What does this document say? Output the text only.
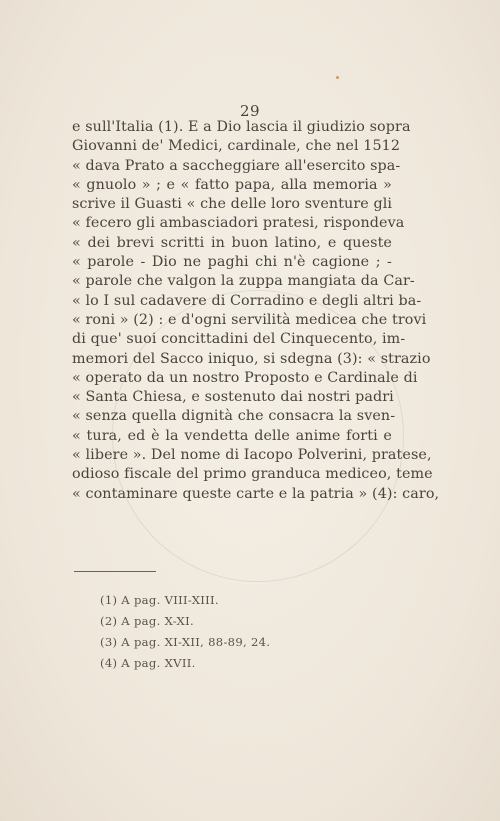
29
e sull'Italia (1). E a Dio lascia il giudizio sopra
Giovanni de' Medici, cardinale, che nel 1512
« dava Prato a saccheggiare all'esercito spa-
« gnuolo » ; e « fatto papa, alla memoria »
scrive il Guasti « che delle loro sventure gli
« fecero gli ambasciadori pratesi, rispondeva
« dei brevi scritti in buon latino, e queste
« parole - Dio ne paghi chi n'è cagione ; -
« parole che valgon la zuppa mangiata da Car-
« lo I sul cadavere di Corradino e degli altri ba-
« roni » (2) : e d'ogni servilità medicea che trovi
di que' suoi concittadini del Cinquecento, im-
memori del Sacco iniquo, si sdegna (3): « strazio
« operato da un nostro Proposto e Cardinale di
« Santa Chiesa, e sostenuto dai nostri padri
« senza quella dignità che consacra la sven-
« tura, ed è la vendetta delle anime forti e
« libere ». Del nome di Iacopo Polverini, pratese,
odioso fiscale del primo granduca mediceo, teme
« contaminare queste carte e la patria » (4): caro,
(1) A pag. VIII-XIII.
(2) A pag. X-XI.
(3) A pag. XI-XII, 88-89, 24.
(4) A pag. XVII.
